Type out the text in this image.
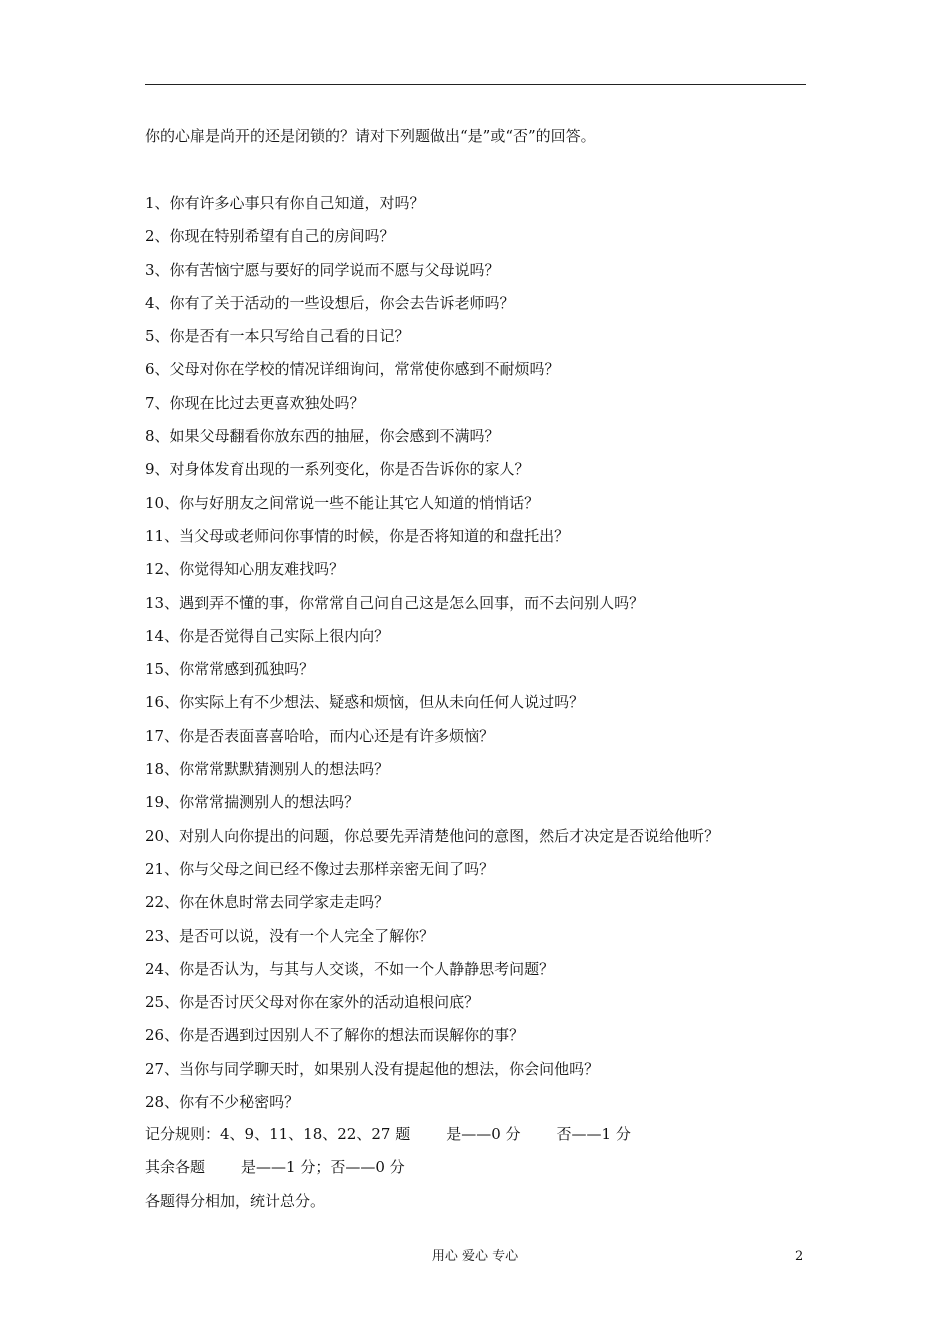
你的心扉是尚开的还是闭锁的？请对下列题做出“是”或“否”的回答。
1、你有许多心事只有你自己知道，对吗？
2、你现在特别希望有自己的房间吗？
3、你有苦恼宁愿与要好的同学说而不愿与父母说吗？
4、你有了关于活动的一些设想后，你会去告诉老师吗？
5、你是否有一本只写给自己看的日记？
6、父母对你在学校的情况详细询问，常常使你感到不耐烦吗？
7、你现在比过去更喜欢独处吗？
8、如果父母翻看你放东西的抽屉，你会感到不满吗？
9、对身体发育出现的一系列变化，你是否告诉你的家人？
10、你与好朋友之间常说一些不能让其它人知道的悄悄话？
11、当父母或老师问你事情的时候，你是否将知道的和盘托出？
12、你觉得知心朋友难找吗？
13、遇到弄不懂的事，你常常自己问自己这是怎么回事，而不去问别人吗？
14、你是否觉得自己实际上很内向？
15、你常常感到孤独吗？
16、你实际上有不少想法、疑惑和烦恼，但从未向任何人说过吗？
17、你是否表面喜喜哈哈，而内心还是有许多烦恼？
18、你常常默默猜测别人的想法吗？
19、你常常揣测别人的想法吗？
20、对别人向你提出的问题，你总要先弄清楚他问的意图，然后才决定是否说给他听？
21、你与父母之间已经不像过去那样亲密无间了吗？
22、你在休息时常去同学家走走吗？
23、是否可以说，没有一个人完全了解你？
24、你是否认为，与其与人交谈，不如一个人静静思考问题？
25、你是否讨厌父母对你在家外的活动追根问底？
26、你是否遇到过因别人不了解你的想法而误解你的事？
27、当你与同学聊天时，如果别人没有提起他的想法，你会问他吗？
28、你有不少秘密吗？
记分规则：4、9、11、18、22、27 题 是——0 分 否——1 分
其余各题 是——1 分；否——0 分
各题得分相加，统计总分。
用心 爱心 专心	2
